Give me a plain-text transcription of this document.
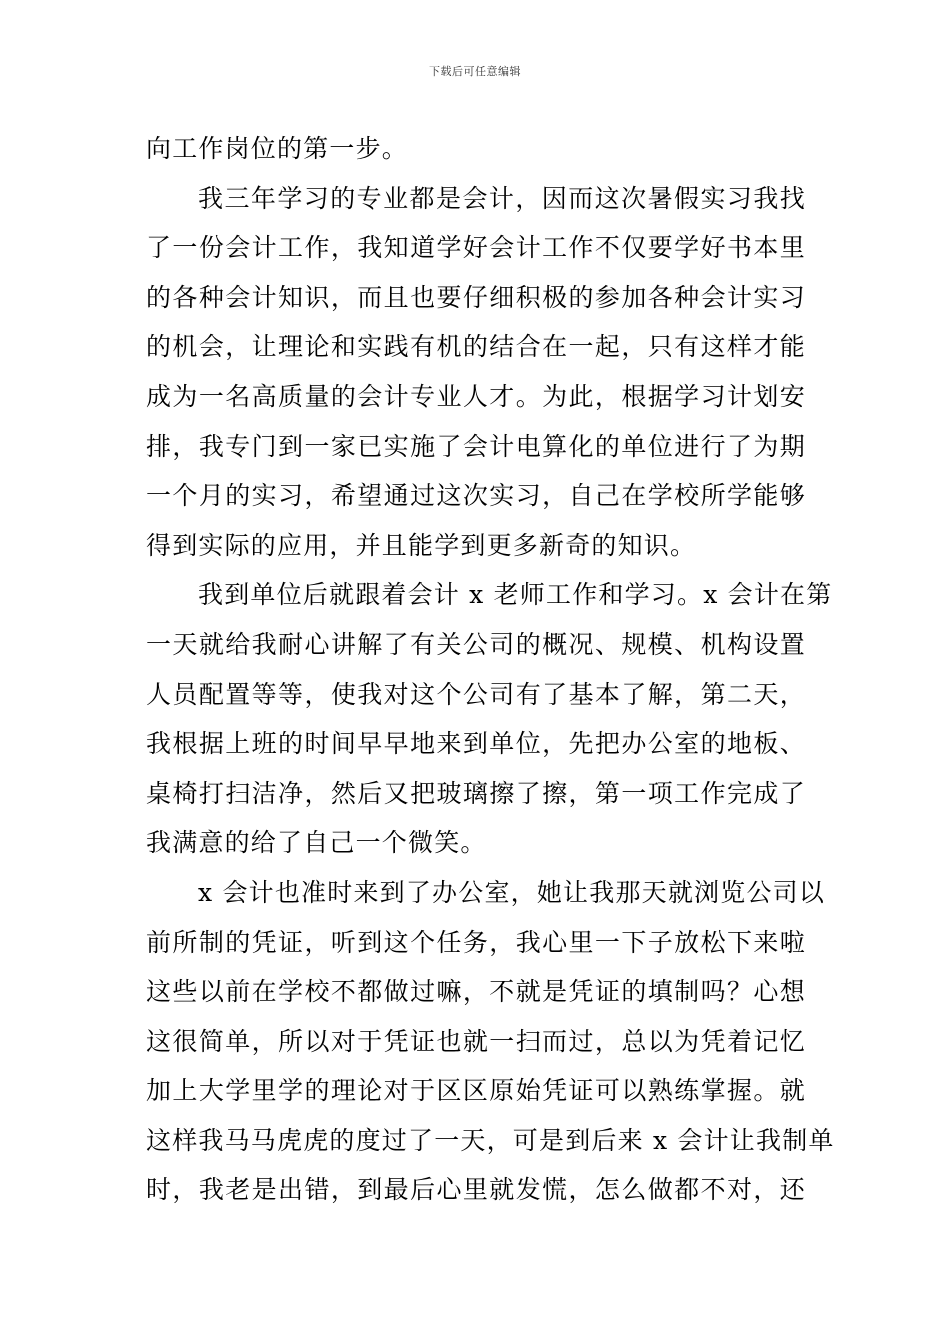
下载后可任意编辑
向工作岗位的第一步。
我三年学习的专业都是会计，因而这次暑假实习我找
了一份会计工作，我知道学好会计工作不仅要学好书本里
的各种会计知识，而且也要仔细积极的参加各种会计实习
的机会，让理论和实践有机的结合在一起，只有这样才能
成为一名高质量的会计专业人才。为此，根据学习计划安
排，我专门到一家已实施了会计电算化的单位进行了为期
一个月的实习，希望通过这次实习，自己在学校所学能够
得到实际的应用，并且能学到更多新奇的知识。
我到单位后就跟着会计 x 老师工作和学习。x 会计在第
一天就给我耐心讲解了有关公司的概况、规模、机构设置
人员配置等等，使我对这个公司有了基本了解，第二天，
我根据上班的时间早早地来到单位，先把办公室的地板、
桌椅打扫洁净，然后又把玻璃擦了擦，第一项工作完成了
我满意的给了自己一个微笑。
x 会计也准时来到了办公室，她让我那天就浏览公司以
前所制的凭证，听到这个任务，我心里一下子放松下来啦
这些以前在学校不都做过嘛，不就是凭证的填制吗？心想
这很简单，所以对于凭证也就一扫而过，总以为凭着记忆
加上大学里学的理论对于区区原始凭证可以熟练掌握。就
这样我马马虎虎的度过了一天，可是到后来 x 会计让我制单
时，我老是出错，到最后心里就发慌，怎么做都不对，还
